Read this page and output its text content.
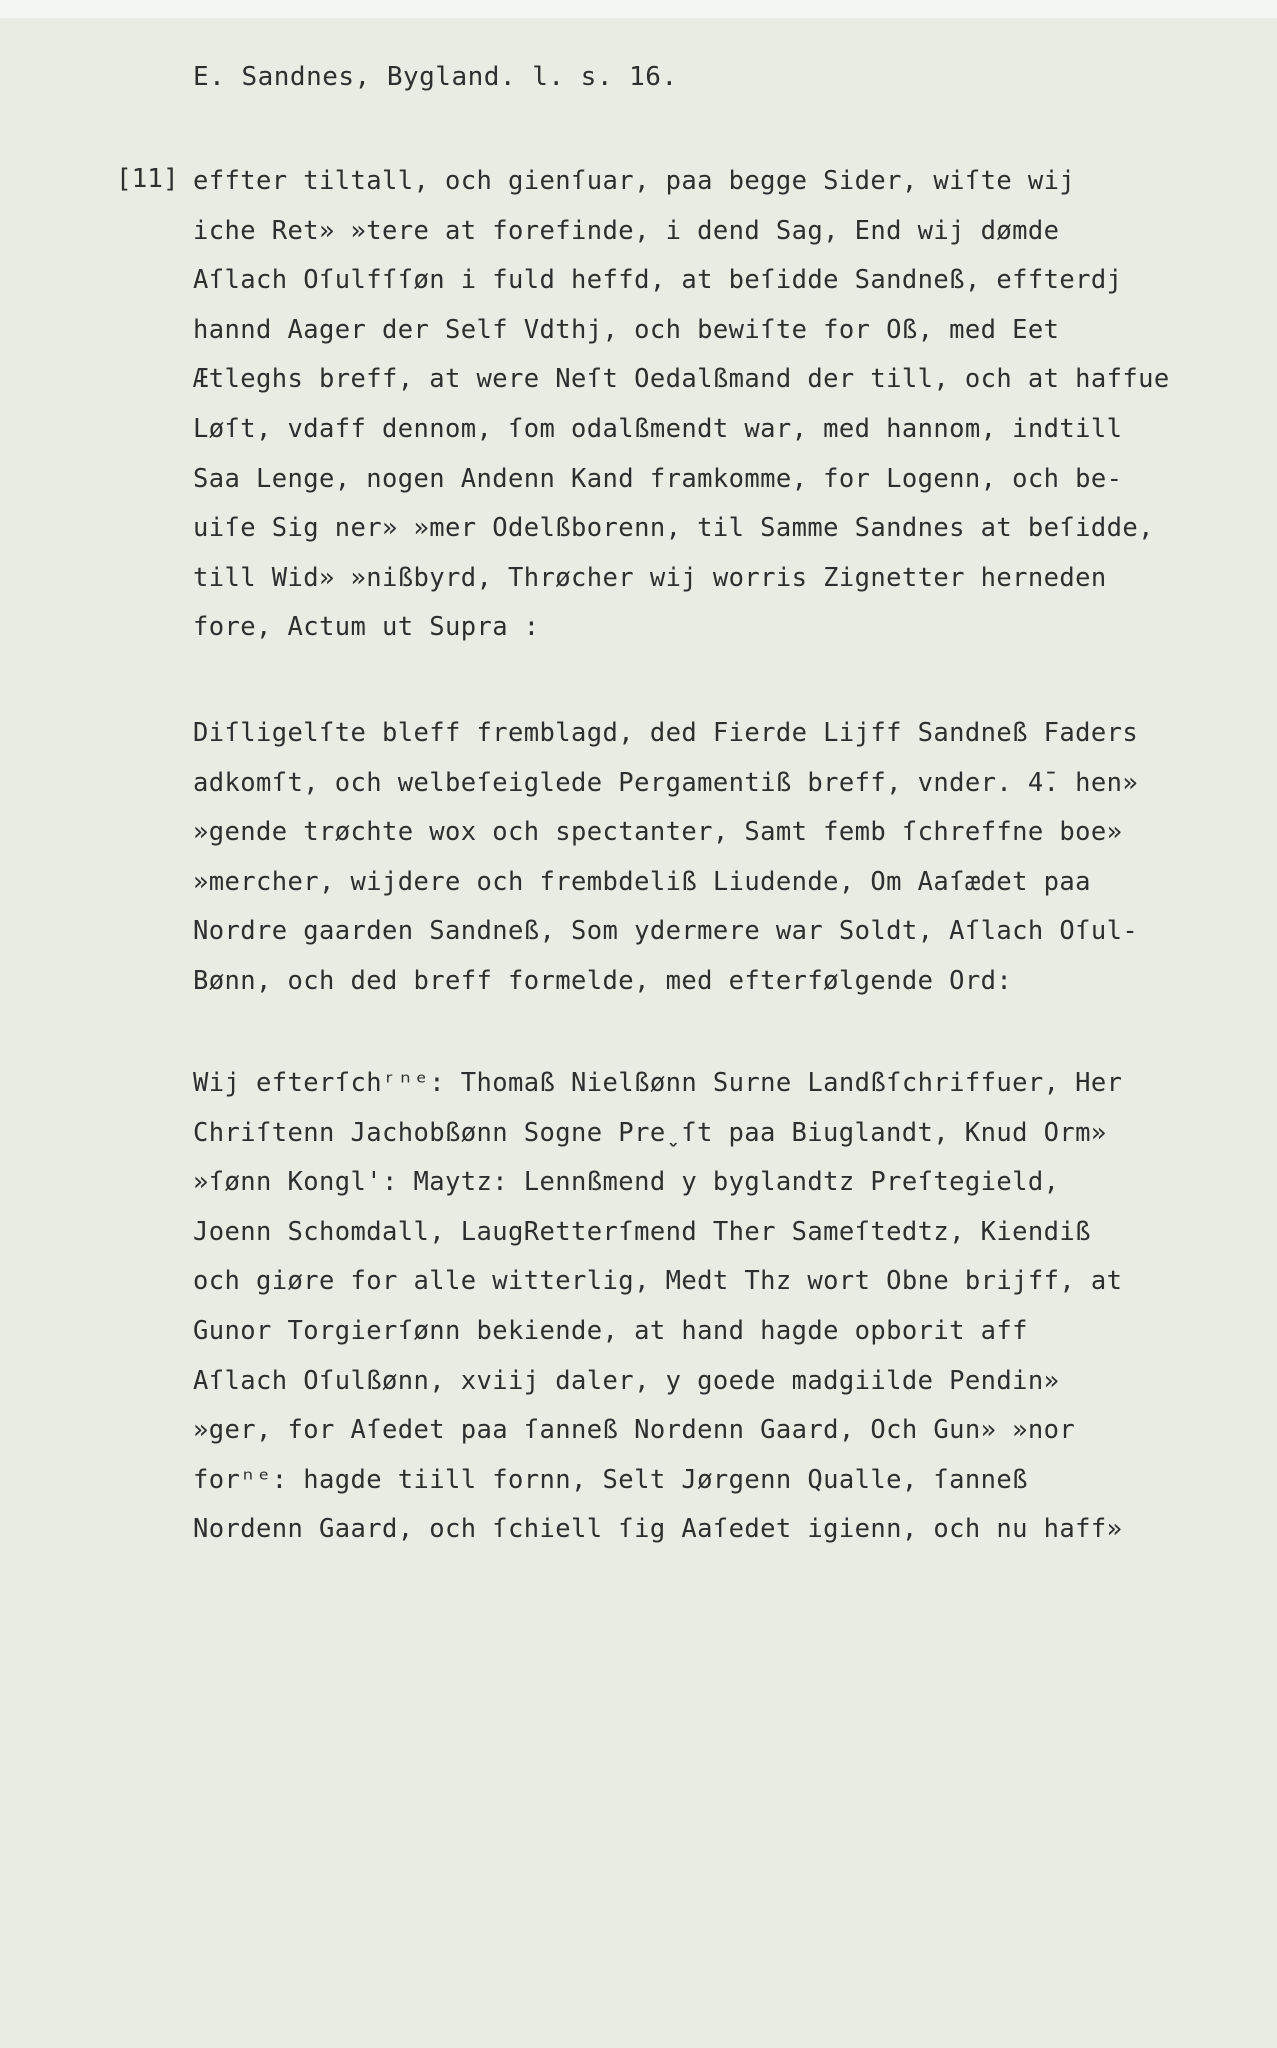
E. Sandnes, Bygland. l. s. 16.
[11] effter tiltall, och gienſuar, paa begge Sider, wiſte wij
iche Ret» »tere at forefinde, i dend Sag, End wij dømde
Aſlach Oſulfſſøn i fuld heffd, at beſidde Sandneß, effterdj
hannd Aager der Self Vdthj, och bewiſte for Oß, med Eet
Ætleghs breff, at were Neſt Oedalßmand der till, och at haffue
Løſt, vdaff dennom, ſom odalßmendt war, med hannom, indtill
Saa Lenge, nogen Andenn Kand framkomme, for Logenn, och be-
uiſe Sig ner» »mer Odelßborenn, til Samme Sandnes at beſidde,
till Wid» »nißbyrd, Thrøcher wij worris Zignetter herneden
fore, Actum ut Supra :
Diſligelſte bleff fremblagd, ded Fierde Lijff Sandneß Faders
adkomſt, och welbeſeiglede Pergamentiß breff, vnder. 4̄. hen»
»gende trøchte wox och spectanter, Samt femb ſchreffne boe»
»mercher, wijdere och frembdeliß Liudende, Om Aaſædet paa
Nordre gaarden Sandneß, Som ydermere war Soldt, Aſlach Oſul-
Bønn, och ded breff formelde, med efterfølgende Ord:
Wij efterſchʳⁿᵉ: Thomaß Nielßønn Surne Landßſchriffuer, Her
Chriſtenn Jachobßønn Sogne Preˬſt paa Biuglandt, Knud Orm»
»ſønn Kongl': Maytz: Lennßmend y byglandtz Preſtegield,
Joenn Schomdall, LaugRetterſmend Ther Sameſtedtz, Kiendiß
och giøre for alle witterlig, Medt Thz wort Obne brijff, at
Gunor Torgierſønn bekiende, at hand hagde opborit aff
Aſlach Oſulßønn, xviij daler, y goede madgiilde Pendin»
»ger, for Aſedet paa ſanneß Nordenn Gaard, Och Gun» »nor
forⁿᵉ: hagde tiill fornn, Selt Jørgenn Qualle, ſanneß
Nordenn Gaard, och ſchiell ſig Aaſedet igienn, och nu haff»
